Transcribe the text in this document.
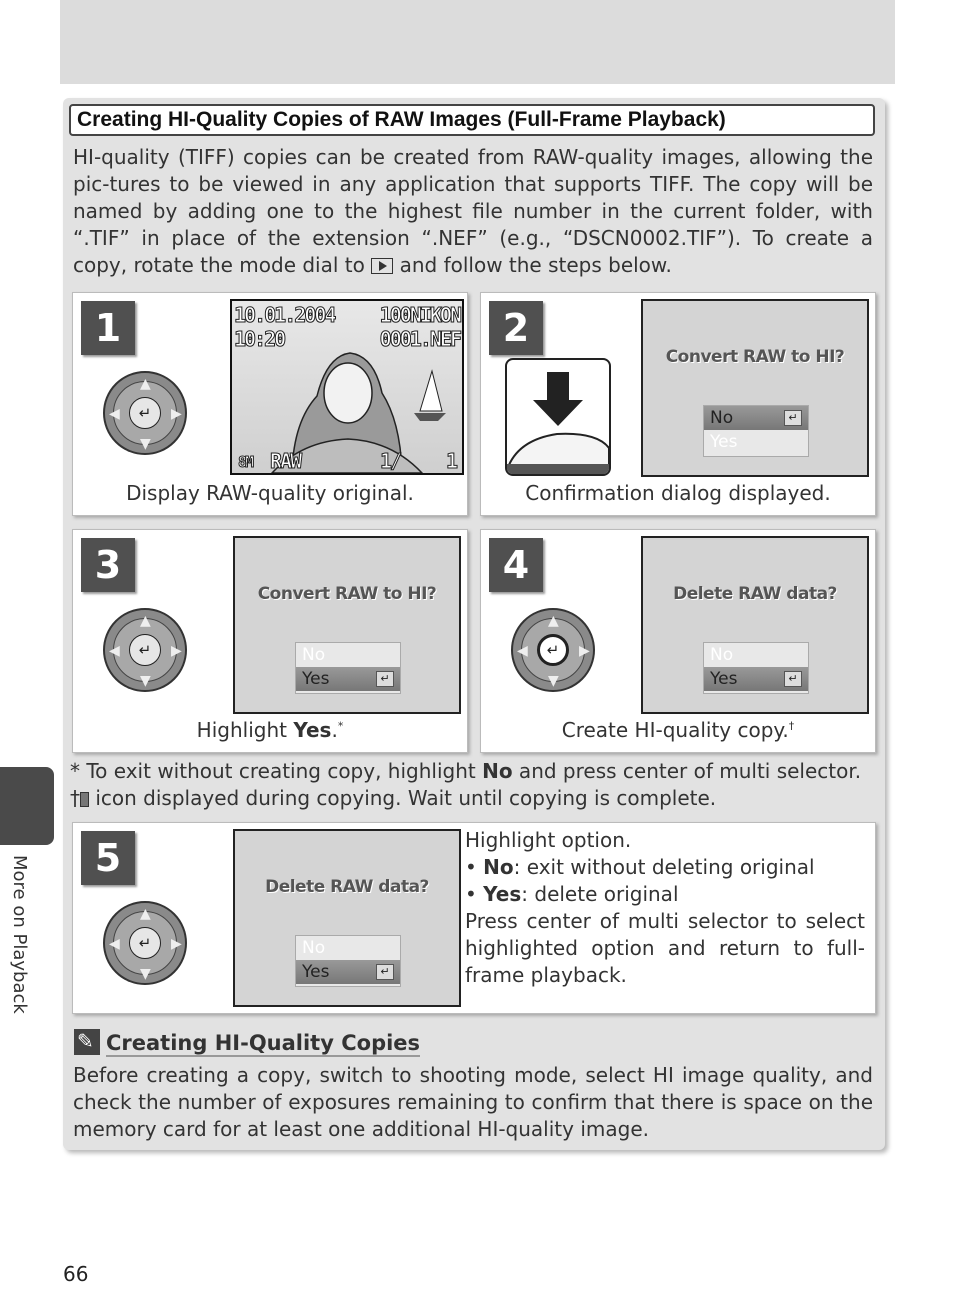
Creating HI-Quality Copies of RAW Images (Full-Frame Playback)
HI-quality (TIFF) copies can be created from RAW-quality images, allowing the pic-tures to be viewed in any application that supports TIFF. The copy will be named by adding one to the highest file number in the current folder, with “.TIF” in place of the extension “.NEF” (e.g., “DSCN0002.TIF”). To create a copy, rotate the mode dial to and follow the steps below.
1
▲
▼
◀	▶
↵
10.01.2004
10:20
100NIKON
0001.NEF
8M RAW	1/ 1
Display RAW-quality original.
2
Convert RAW to HI?
No	↵
Yes
Confirmation dialog displayed.
3
▲
▼
◀	▶
↵
Convert RAW to HI?
No
Yes	↵
Highlight Yes.*
4
▲
▼
◀	▶
↵
Delete RAW data?
No
Yes	↵
Create HI-quality copy.†
* To exit without creating copy, highlight No and press center of multi selector.
† icon displayed during copying. Wait until copying is complete.
5
▲
▼
◀	▶
↵
Delete RAW data?
No
Yes	↵
Highlight option.
• No: exit without deleting original
• Yes: delete original
Press center of multi selector to select highlighted option and return to full-frame playback.
✎Creating HI-Quality Copies
Before creating a copy, switch to shooting mode, select HI image quality, and check the number of exposures remaining to confirm that there is space on the memory card for at least one additional HI-quality image.
More on Playback
66
